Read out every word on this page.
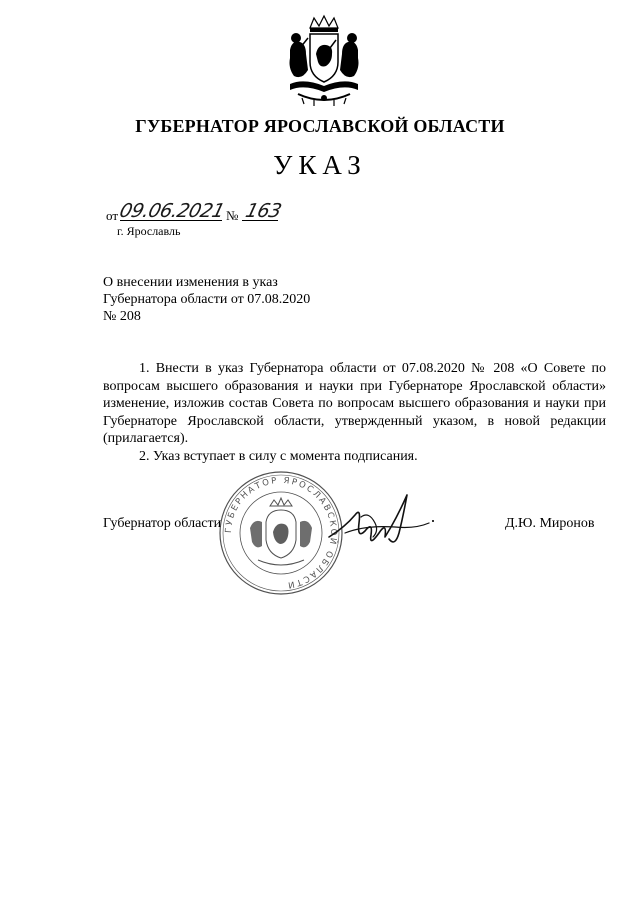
ГУБЕРНАТОР ЯРОСЛАВСКОЙ ОБЛАСТИ
УКАЗ
от 09.06.2021 № 163
г. Ярославль
О внесении изменения в указ
Губернатора области от 07.08.2020
№ 208

1. Внести в указ Губернатора области от 07.08.2020 № 208 «О Совете по вопросам высшего образования и науки при Губернаторе Ярославской области» изменение, изложив состав Совета по вопросам высшего образования и науки при Губернаторе Ярославской области, утвержденный указом, в новой редакции (прилагается).

2. Указ вступает в силу с момента подписания.

ГУБЕРНАТОР ЯРОСЛАВСКОЙ ОБЛАСТИ
Губернатор области	Д.Ю. Миронов
